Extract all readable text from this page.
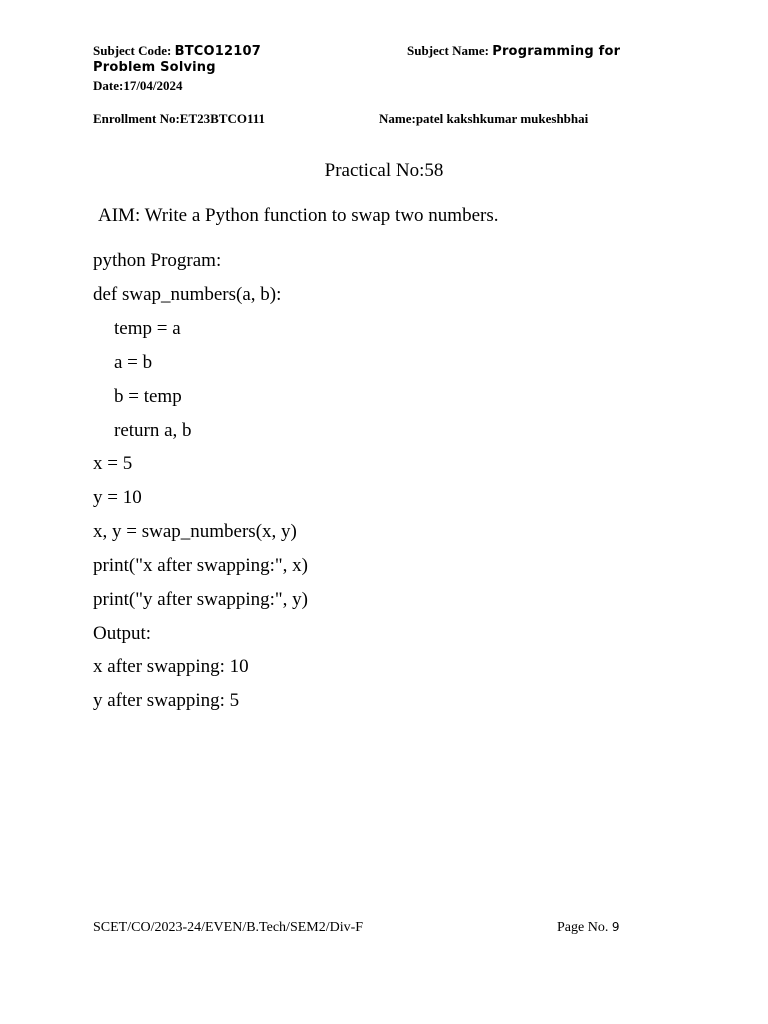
Subject Code: BTCO12107	Subject Name: Programming for
Problem Solving
Date:17/04/2024
Enrollment No:ET23BTCO111	Name:patel kakshkumar mukeshbhai
Practical No:58
AIM: Write a Python function to swap two numbers.
python Program:
def swap_numbers(a, b):
temp = a
a = b
b = temp
return a, b
x = 5
y = 10
x, y = swap_numbers(x, y)
print("x after swapping:", x)
print("y after swapping:", y)
Output:
x after swapping: 10
y after swapping: 5
SCET/CO/2023-24/EVEN/B.Tech/SEM2/Div-F	Page No. 9
